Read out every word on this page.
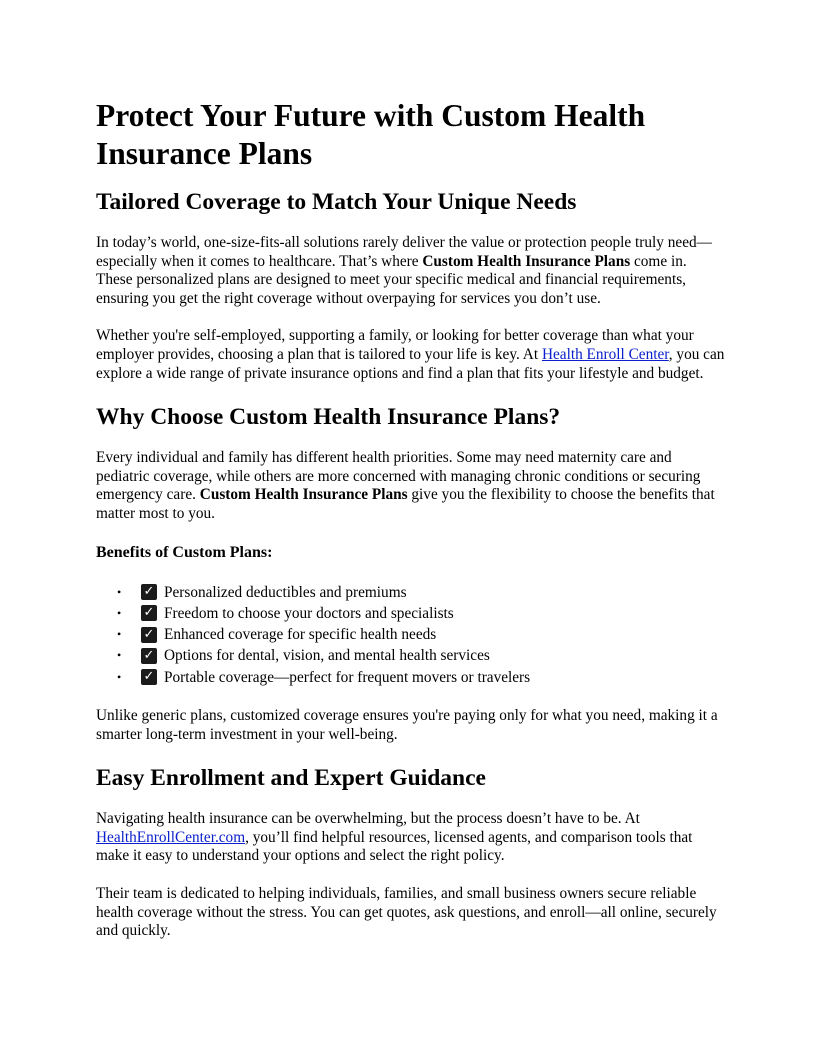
Protect Your Future with Custom Health Insurance Plans
Tailored Coverage to Match Your Unique Needs

In today’s world, one-size-fits-all solutions rarely deliver the value or protection people truly need—especially when it comes to healthcare. That’s where Custom Health Insurance Plans come in. These personalized plans are designed to meet your specific medical and financial requirements, ensuring you get the right coverage without overpaying for services you don’t use.

Whether you're self-employed, supporting a family, or looking for better coverage than what your employer provides, choosing a plan that is tailored to your life is key. At Health Enroll Center, you can explore a wide range of private insurance options and find a plan that fits your lifestyle and budget.

Why Choose Custom Health Insurance Plans?

Every individual and family has different health priorities. Some may need maternity care and pediatric coverage, while others are more concerned with managing chronic conditions or securing emergency care. Custom Health Insurance Plans give you the flexibility to choose the benefits that matter most to you.

Benefits of Custom Plans:
•	✓ Personalized deductibles and premiums
•	✓ Freedom to choose your doctors and specialists
•	✓ Enhanced coverage for specific health needs
•	✓ Options for dental, vision, and mental health services
•	✓ Portable coverage—perfect for frequent movers or travelers

Unlike generic plans, customized coverage ensures you're paying only for what you need, making it a smarter long-term investment in your well-being.

Easy Enrollment and Expert Guidance

Navigating health insurance can be overwhelming, but the process doesn’t have to be. At HealthEnrollCenter.com, you’ll find helpful resources, licensed agents, and comparison tools that make it easy to understand your options and select the right policy.

Their team is dedicated to helping individuals, families, and small business owners secure reliable health coverage without the stress. You can get quotes, ask questions, and enroll—all online, securely and quickly.
